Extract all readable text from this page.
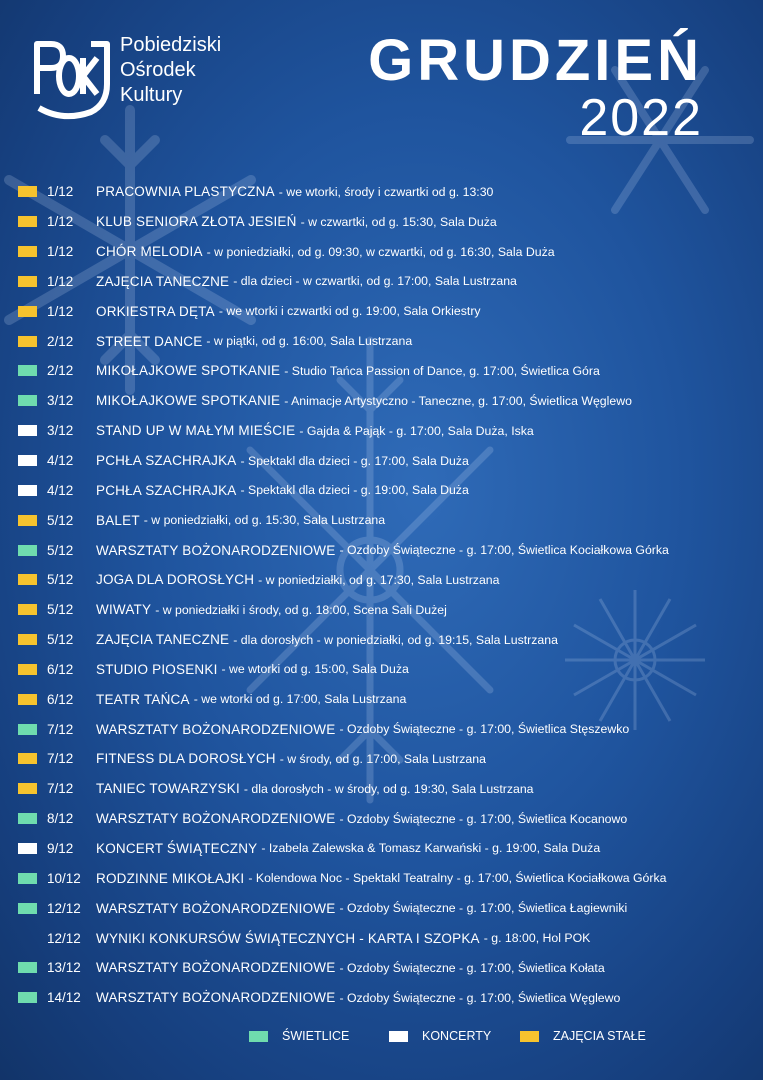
Pobiedziski
Ośrodek
Kultury
GRUDZIEŃ
2022
1/12	PRACOWNIA PLASTYCZNA - we wtorki, środy i czwartki od g. 13:30
1/12	KLUB SENIORA ZŁOTA JESIEŃ - w czwartki, od g. 15:30, Sala Duża
1/12	CHÓR MELODIA - w poniedziałki, od g. 09:30, w czwartki, od g. 16:30, Sala Duża
1/12	ZAJĘCIA TANECZNE - dla dzieci - w czwartki, od g. 17:00, Sala Lustrzana
1/12	ORKIESTRA DĘTA - we wtorki i czwartki od g. 19:00, Sala Orkiestry
2/12	STREET DANCE - w piątki, od g. 16:00, Sala Lustrzana
2/12	MIKOŁAJKOWE SPOTKANIE - Studio Tańca Passion of Dance, g. 17:00, Świetlica Góra
3/12	MIKOŁAJKOWE SPOTKANIE - Animacje Artystyczno - Taneczne, g. 17:00, Świetlica Węglewo
3/12	STAND UP W MAŁYM MIEŚCIE - Gajda & Pająk - g. 17:00, Sala Duża, Iska
4/12	PCHŁA SZACHRAJKA - Spektakl dla dzieci - g. 17:00, Sala Duża
4/12	PCHŁA SZACHRAJKA - Spektakl dla dzieci - g. 19:00, Sala Duża
5/12	BALET - w poniedziałki, od g. 15:30, Sala Lustrzana
5/12	WARSZTATY BOŻONARODZENIOWE - Ozdoby Świąteczne - g. 17:00, Świetlica Kociałkowa Górka
5/12	JOGA DLA DOROSŁYCH - w poniedziałki, od g. 17:30, Sala Lustrzana
5/12	WIWATY - w poniedziałki i środy, od g. 18:00, Scena Sali Dużej
5/12	ZAJĘCIA TANECZNE - dla dorosłych - w poniedziałki, od g. 19:15, Sala Lustrzana
6/12	STUDIO PIOSENKI - we wtorki od g. 15:00, Sala Duża
6/12	TEATR TAŃCA - we wtorki od g. 17:00, Sala Lustrzana
7/12	WARSZTATY BOŻONARODZENIOWE - Ozdoby Świąteczne - g. 17:00, Świetlica Stęszewko
7/12	FITNESS DLA DOROSŁYCH - w środy, od g. 17:00, Sala Lustrzana
7/12	TANIEC TOWARZYSKI - dla dorosłych - w środy, od g. 19:30, Sala Lustrzana
8/12	WARSZTATY BOŻONARODZENIOWE - Ozdoby Świąteczne - g. 17:00, Świetlica Kocanowo
9/12	KONCERT ŚWIĄTECZNY - Izabela Zalewska & Tomasz Karwański - g. 19:00, Sala Duża
10/12	RODZINNE MIKOŁAJKI - Kolendowa Noc - Spektakl Teatralny - g. 17:00, Świetlica Kociałkowa Górka
12/12	WARSZTATY BOŻONARODZENIOWE - Ozdoby Świąteczne - g. 17:00, Świetlica Łagiewniki
12/12	WYNIKI KONKURSÓW ŚWIĄTECZNYCH - KARTA I SZOPKA - g. 18:00, Hol POK
13/12	WARSZTATY BOŻONARODZENIOWE - Ozdoby Świąteczne - g. 17:00, Świetlica Kołata
14/12	WARSZTATY BOŻONARODZENIOWE - Ozdoby Świąteczne - g. 17:00, Świetlica Węglewo
ŚWIETLICE	KONCERTY	ZAJĘCIA STAŁE
